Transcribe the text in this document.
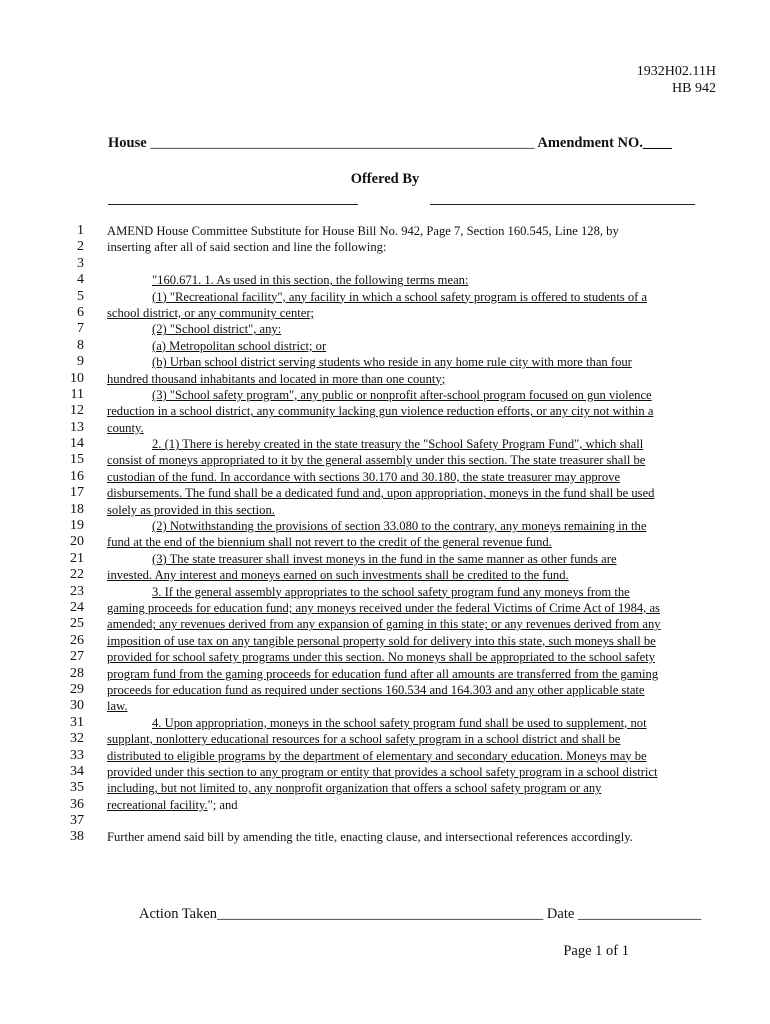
1932H02.11H
HB 942
House _____________________________________________________ Amendment NO.____
Offered By
1 AMEND House Committee Substitute for House Bill No. 942, Page 7, Section 160.545, Line 128, by
2 inserting after all of said section and line the following:
3
4	"160.671. 1. As used in this section, the following terms mean:
5	(1) "Recreational facility", any facility in which a school safety program is offered to students of a
6 school district, or any community center;
7	(2) "School district", any:
8	(a) Metropolitan school district; or
9	(b) Urban school district serving students who reside in any home rule city with more than four
10 hundred thousand inhabitants and located in more than one county;
11	(3) "School safety program", any public or nonprofit after-school program focused on gun violence
12 reduction in a school district, any community lacking gun violence reduction efforts, or any city not within a
13 county.
14	2. (1) There is hereby created in the state treasury the "School Safety Program Fund", which shall
15 consist of moneys appropriated to it by the general assembly under this section. The state treasurer shall be
16 custodian of the fund. In accordance with sections 30.170 and 30.180, the state treasurer may approve
17 disbursements. The fund shall be a dedicated fund and, upon appropriation, moneys in the fund shall be used
18 solely as provided in this section.
19	(2) Notwithstanding the provisions of section 33.080 to the contrary, any moneys remaining in the
20 fund at the end of the biennium shall not revert to the credit of the general revenue fund.
21	(3) The state treasurer shall invest moneys in the fund in the same manner as other funds are
22 invested. Any interest and moneys earned on such investments shall be credited to the fund.
23	3. If the general assembly appropriates to the school safety program fund any moneys from the
24 gaming proceeds for education fund; any moneys received under the federal Victims of Crime Act of 1984, as
25 amended; any revenues derived from any expansion of gaming in this state; or any revenues derived from any
26 imposition of use tax on any tangible personal property sold for delivery into this state, such moneys shall be
27 provided for school safety programs under this section. No moneys shall be appropriated to the school safety
28 program fund from the gaming proceeds for education fund after all amounts are transferred from the gaming
29 proceeds for education fund as required under sections 160.534 and 164.303 and any other applicable state
30 law.
31	4. Upon appropriation, moneys in the school safety program fund shall be used to supplement, not
32 supplant, nonlottery educational resources for a school safety program in a school district and shall be
33 distributed to eligible programs by the department of elementary and secondary education. Moneys may be
34 provided under this section to any program or entity that provides a school safety program in a school district
35 including, but not limited to, any nonprofit organization that offers a school safety program or any
36 recreational facility."; and
37
38 Further amend said bill by amending the title, enacting clause, and intersectional references accordingly.
Action Taken_____________________________________________ Date _________________
Page 1 of 1
